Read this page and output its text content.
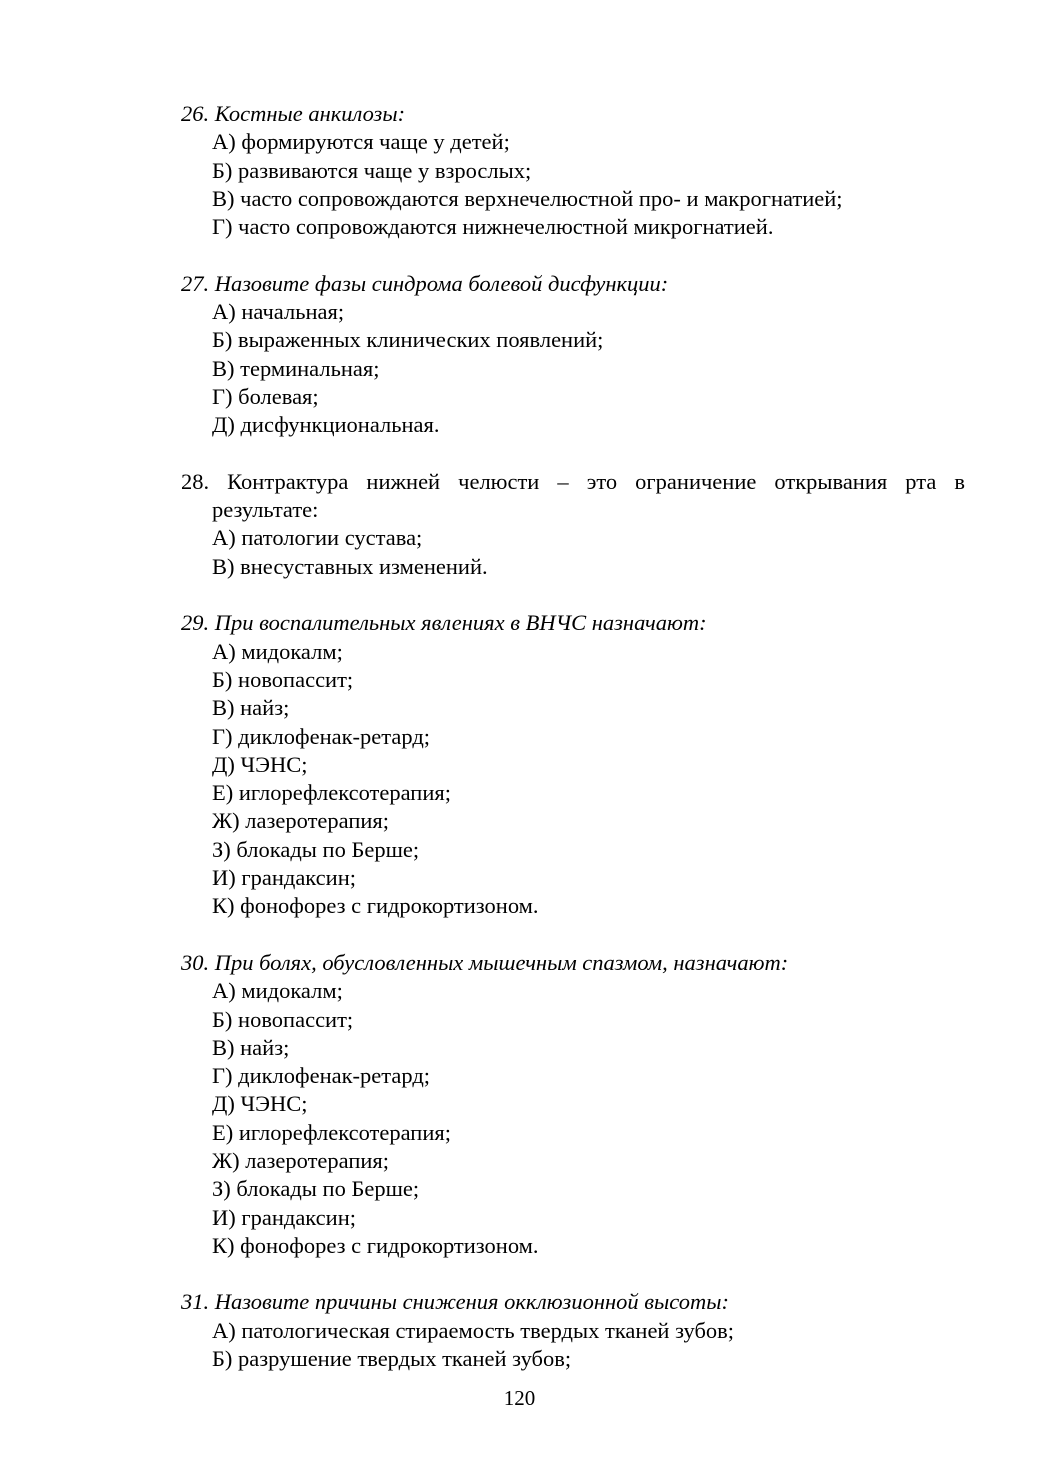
26. Костные анкилозы:
А) формируются чаще у детей;
Б) развиваются чаще у взрослых;
В) часто сопровождаются верхнечелюстной про- и макрогнатией;
Г) часто сопровождаются нижнечелюстной микрогнатией.
27. Назовите фазы синдрома болевой дисфункции:
А) начальная;
Б) выраженных клинических появлений;
В) терминальная;
Г) болевая;
Д) дисфункциональная.
28. Контрактура нижней челюсти – это ограничение открывания рта в результате:
А) патологии сустава;
В) внесуставных изменений.
29. При воспалительных явлениях в ВНЧС назначают:
А) мидокалм;
Б) новопассит;
В) найз;
Г) диклофенак-ретард;
Д) ЧЭНС;
Е) иглорефлексотерапия;
Ж) лазеротерапия;
З) блокады по Берше;
И) грандаксин;
К) фонофорез с гидрокортизоном.
30. При болях, обусловленных мышечным спазмом, назначают:
А) мидокалм;
Б) новопассит;
В) найз;
Г) диклофенак-ретард;
Д) ЧЭНС;
Е) иглорефлексотерапия;
Ж) лазеротерапия;
З) блокады по Берше;
И) грандаксин;
К) фонофорез с гидрокортизоном.
31. Назовите причины снижения окклюзионной высоты:
А) патологическая стираемость твердых тканей зубов;
Б) разрушение твердых тканей зубов;
120
